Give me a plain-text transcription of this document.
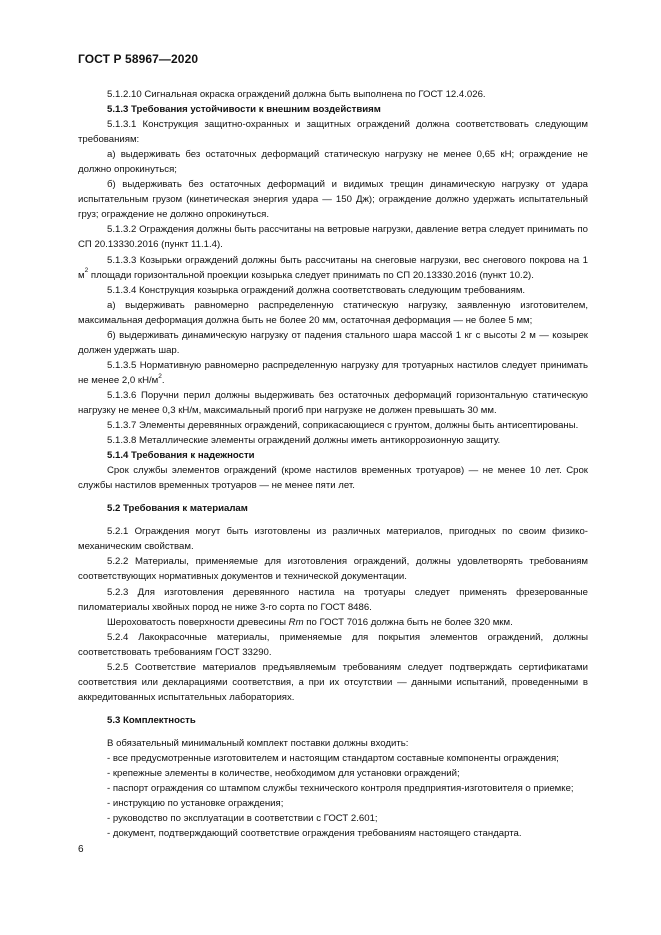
ГОСТ Р 58967—2020

5.1.2.10 Сигнальная окраска ограждений должна быть выполнена по ГОСТ 12.4.026.

5.1.3 Требования устойчивости к внешним воздействиям

5.1.3.1 Конструкция защитно-охранных и защитных ограждений должна соответствовать следующим требованиям:

а) выдерживать без остаточных деформаций статическую нагрузку не менее 0,65 кН; ограждение не должно опрокинуться;

б) выдерживать без остаточных деформаций и видимых трещин динамическую нагрузку от удара испытательным грузом (кинетическая энергия удара — 150 Дж); ограждение должно удержать испытательный груз; ограждение не должно опрокинуться.

5.1.3.2 Ограждения должны быть рассчитаны на ветровые нагрузки, давление ветра следует принимать по СП 20.13330.2016 (пункт 11.1.4).

5.1.3.3 Козырьки ограждений должны быть рассчитаны на снеговые нагрузки, вес снегового покрова на 1 $м^2$ площади горизонтальной проекции козырька следует принимать по СП 20.13330.2016 (пункт 10.2).

5.1.3.4 Конструкция козырька ограждений должна соответствовать следующим требованиям.

а) выдерживать равномерно распределенную статическую нагрузку, заявленную изготовителем, максимальная деформация должна быть не более 20 мм, остаточная деформация — не более 5 мм;

б) выдерживать динамическую нагрузку от падения стального шара массой 1 кг с высоты 2 м — козырек должен удержать шар.

5.1.3.5 Нормативную равномерно распределенную нагрузку для тротуарных настилов следует принимать не менее 2,0 $кН/м^2$.

5.1.3.6 Поручни перил должны выдерживать без остаточных деформаций горизонтальную статическую нагрузку не менее 0,3 кН/м, максимальный прогиб при нагрузке не должен превышать 30 мм.

5.1.3.7 Элементы деревянных ограждений, соприкасающиеся с грунтом, должны быть антисептированы.

5.1.3.8 Металлические элементы ограждений должны иметь антикоррозионную защиту.

5.1.4 Требования к надежности

Срок службы элементов ограждений (кроме настилов временных тротуаров) — не менее 10 лет. Срок службы настилов временных тротуаров — не менее пяти лет.

5.2 Требования к материалам

5.2.1 Ограждения могут быть изготовлены из различных материалов, пригодных по своим физико-механическим свойствам.

5.2.2 Материалы, применяемые для изготовления ограждений, должны удовлетворять требованиям соответствующих нормативных документов и технической документации.

5.2.3 Для изготовления деревянного настила на тротуары следует применять фрезерованные пиломатериалы хвойных пород не ниже 3-го сорта по ГОСТ 8486.

Шероховатость поверхности древесины Rm по ГОСТ 7016 должна быть не более 320 мкм.

5.2.4 Лакокрасочные материалы, применяемые для покрытия элементов ограждений, должны соответствовать требованиям ГОСТ 33290.

5.2.5 Соответствие материалов предъявляемым требованиям следует подтверждать сертификатами соответствия или декларациями соответствия, а при их отсутствии — данными испытаний, проведенными в аккредитованных испытательных лабораториях.

5.3 Комплектность

В обязательный минимальный комплект поставки должны входить:

- все предусмотренные изготовителем и настоящим стандартом составные компоненты ограждения;

- крепежные элементы в количестве, необходимом для установки ограждений;

- паспорт ограждения со штампом службы технического контроля предприятия-изготовителя о приемке;

- инструкцию по установке ограждения;

- руководство по эксплуатации в соответствии с ГОСТ 2.601;

- документ, подтверждающий соответствие ограждения требованиям настоящего стандарта.

6
